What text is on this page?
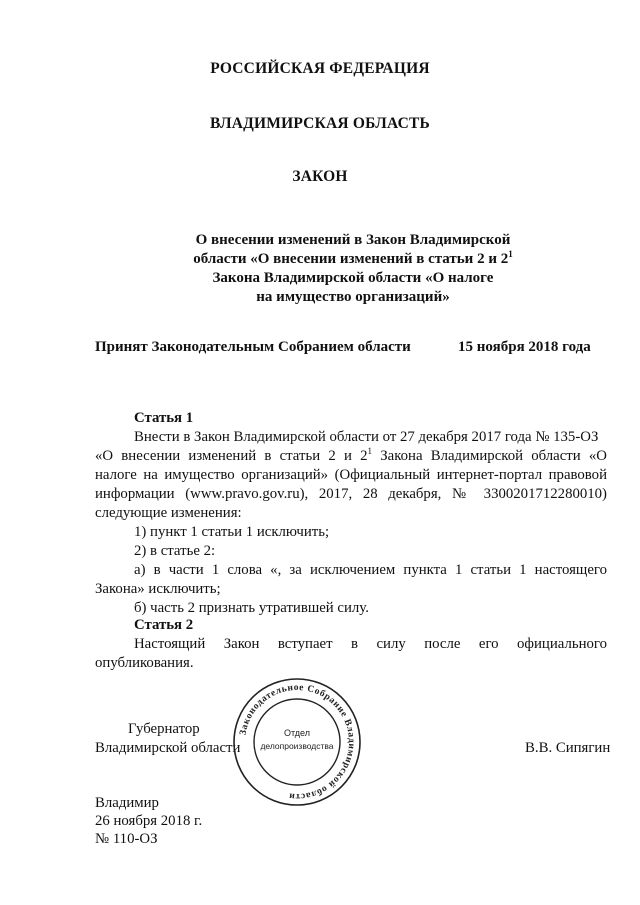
РОССИЙСКАЯ ФЕДЕРАЦИЯ
ВЛАДИМИРСКАЯ ОБЛАСТЬ
ЗАКОН
О внесении изменений в Закон Владимирской
области «О внесении изменений в статьи 2 и $2^1$
Закона Владимирской области «О налоге
на имущество организаций»
Принят Законодательным Собранием области	15 ноября 2018 года
Статья 1
Внести в Закон Владимирской области от 27 декабря 2017 года № 135-ОЗ
«О внесении изменений в статьи 2 и $2^1$ Закона Владимирской области «О
налоге на имущество организаций» (Официальный интернет-портал правовой
информации (www.pravo.gov.ru), 2017, 28 декабря, № 3300201712280010)
следующие изменения:
1) пункт 1 статьи 1 исключить;
2) в статье 2:
а) в части 1 слова «, за исключением пункта 1 статьи 1 настоящего
Закона» исключить;
б) часть 2 признать утратившей силу.
Статья 2
Настоящий Закон вступает в силу после его официального
опубликования.
Губернатор
Владимирской области	В.В. Сипягин
Законодательное Собрание Владимирской области
Отдел
делопроизводства
Владимир
26 ноября 2018 г.
№ 110-ОЗ
